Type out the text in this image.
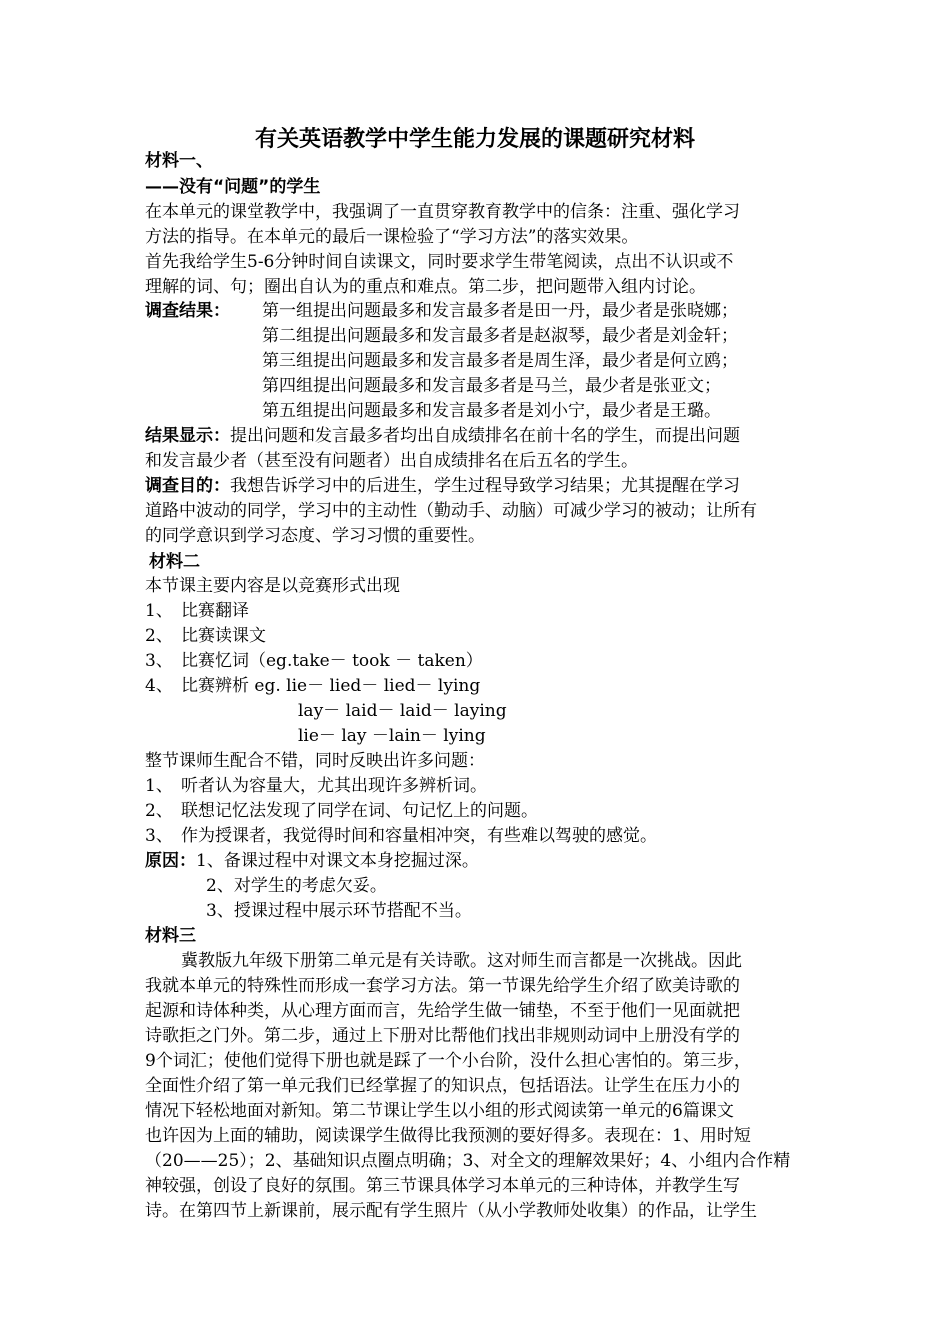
有关英语教学中学生能力发展的课题研究材料
材料一、
——没有“问题”的学生
在本单元的课堂教学中，我强调了一直贯穿教育教学中的信条：注重、强化学习
方法的指导。在本单元的最后一课检验了“学习方法”的落实效果。
首先我给学生5-6分钟时间自读课文，同时要求学生带笔阅读，点出不认识或不
理解的词、句；圈出自认为的重点和难点。第二步，把问题带入组内讨论。
调查结果： 第一组提出问题最多和发言最多者是田一丹，最少者是张晓娜；
第二组提出问题最多和发言最多者是赵淑琴，最少者是刘金轩；
第三组提出问题最多和发言最多者是周生泽，最少者是何立鸥；
第四组提出问题最多和发言最多者是马兰，最少者是张亚文；
第五组提出问题最多和发言最多者是刘小宁，最少者是王璐。
结果显示：提出问题和发言最多者均出自成绩排名在前十名的学生，而提出问题
和发言最少者（甚至没有问题者）出自成绩排名在后五名的学生。
调查目的：我想告诉学习中的后进生，学生过程导致学习结果；尤其提醒在学习
道路中波动的同学，学习中的主动性（勤动手、动脑）可减少学习的被动；让所有
的同学意识到学习态度、学习习惯的重要性。
材料二
本节课主要内容是以竞赛形式出现
1、 比赛翻译
2、 比赛读课文
3、 比赛忆词（eg.take－ took － taken）
4、 比赛辨析 eg. lie－ lied－ lied－ lying
lay－ laid－ laid－ laying
lie－ lay －lain－ lying
整节课师生配合不错，同时反映出许多问题：
1、 听者认为容量大，尤其出现许多辨析词。
2、 联想记忆法发现了同学在词、句记忆上的问题。
3、 作为授课者，我觉得时间和容量相冲突，有些难以驾驶的感觉。
原因： 1、备课过程中对课文本身挖掘过深。
2、对学生的考虑欠妥。
3、授课过程中展示环节搭配不当。
材料三
冀教版九年级下册第二单元是有关诗歌。这对师生而言都是一次挑战。因此
我就本单元的特殊性而形成一套学习方法。第一节课先给学生介绍了欧美诗歌的
起源和诗体种类，从心理方面而言，先给学生做一铺垫，不至于他们一见面就把
诗歌拒之门外。第二步，通过上下册对比帮他们找出非规则动词中上册没有学的
9个词汇；使他们觉得下册也就是踩了一个小台阶，没什么担心害怕的。第三步，
全面性介绍了第一单元我们已经掌握了的知识点，包括语法。让学生在压力小的
情况下轻松地面对新知。第二节课让学生以小组的形式阅读第一单元的6篇课文
也许因为上面的辅助，阅读课学生做得比我预测的要好得多。表现在：1、用时短
（20——25）；2、基础知识点圈点明确；3、对全文的理解效果好；4、小组内合作精
神较强，创设了良好的氛围。第三节课具体学习本单元的三种诗体，并教学生写
诗。在第四节上新课前，展示配有学生照片（从小学教师处收集）的作品，让学生
